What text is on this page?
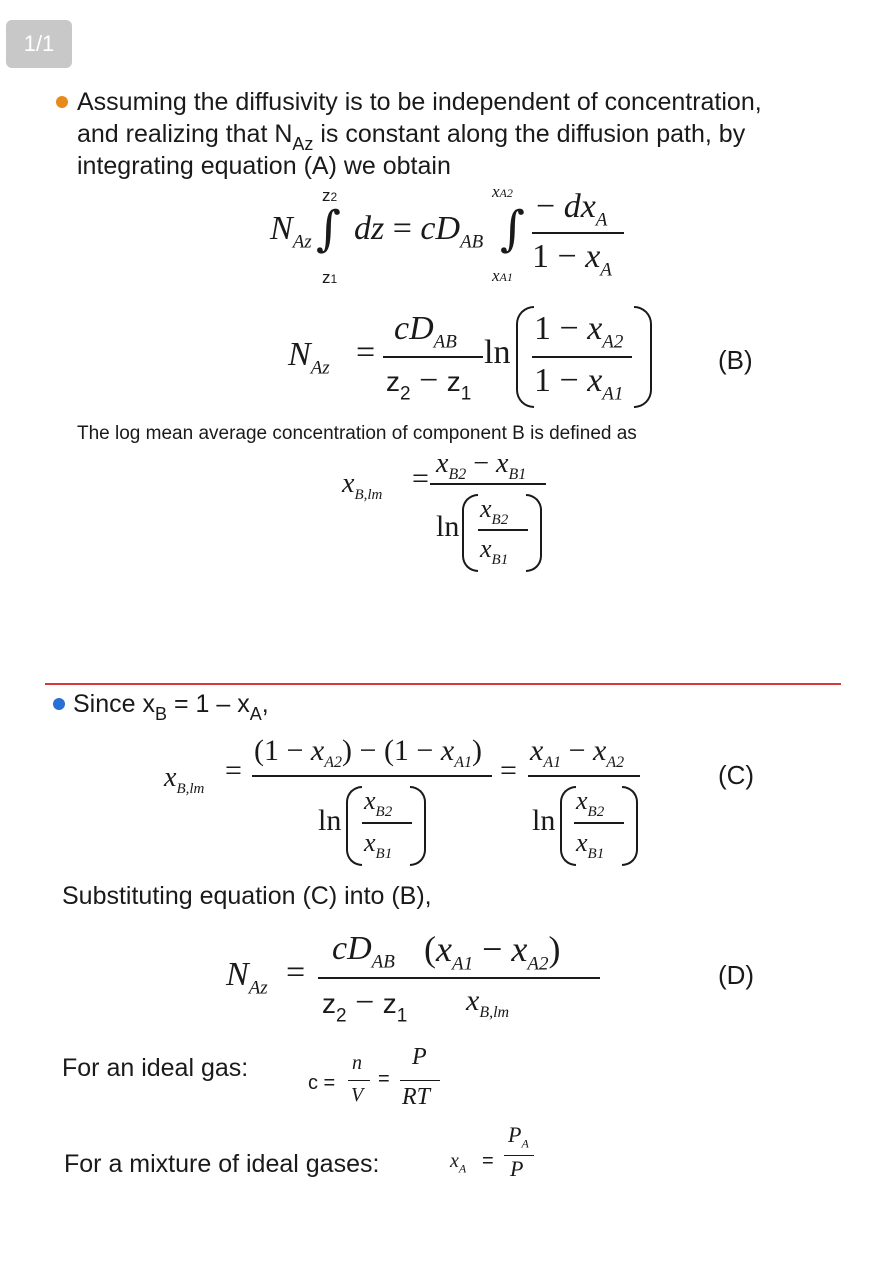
1/1
Assuming the diffusivity is to be independent of concentration,
and realizing that $N_{Az}$ is constant along the diffusion path, by
integrating equation (A) we obtain
$N_{Az}$
z2
∫
z1
dz = $cD_{AB}$
xA2
∫
xA1
− $dx_A$
$1 - x_A$
$N_{Az}$ =
$cD_{AB}$
$z_2 - z_1$
ln
$1 - x_{A2}$
$1 - x_{A1}$
(B)
The log mean average concentration of component B is defined as
$x_{B,lm} = x_{B2} - x_{B1}$
ln
$x_{B2}$
$x_{B1}$
Since $x_B = 1 - x_A$,
$x_{B,lm}$
=
$(1 - x_{A2}) - (1 - x_{A1})$
ln
$x_{B2}$
$x_{B1}$
=
$x_{A1} - x_{A2}$
ln
$x_{B2}$
$x_{B1}$
(C)
Substituting equation (C) into (B),
$N_{Az}$ =
$cD_{AB}$ $(x_{A1} - x_{A2})$
$z_2 - z_1$ $x_{B,lm}$
(D)
For an ideal gas:
c =
n
V
=
P
RT
For a mixture of ideal gases:	$x_A$ =
$P_A$
P
